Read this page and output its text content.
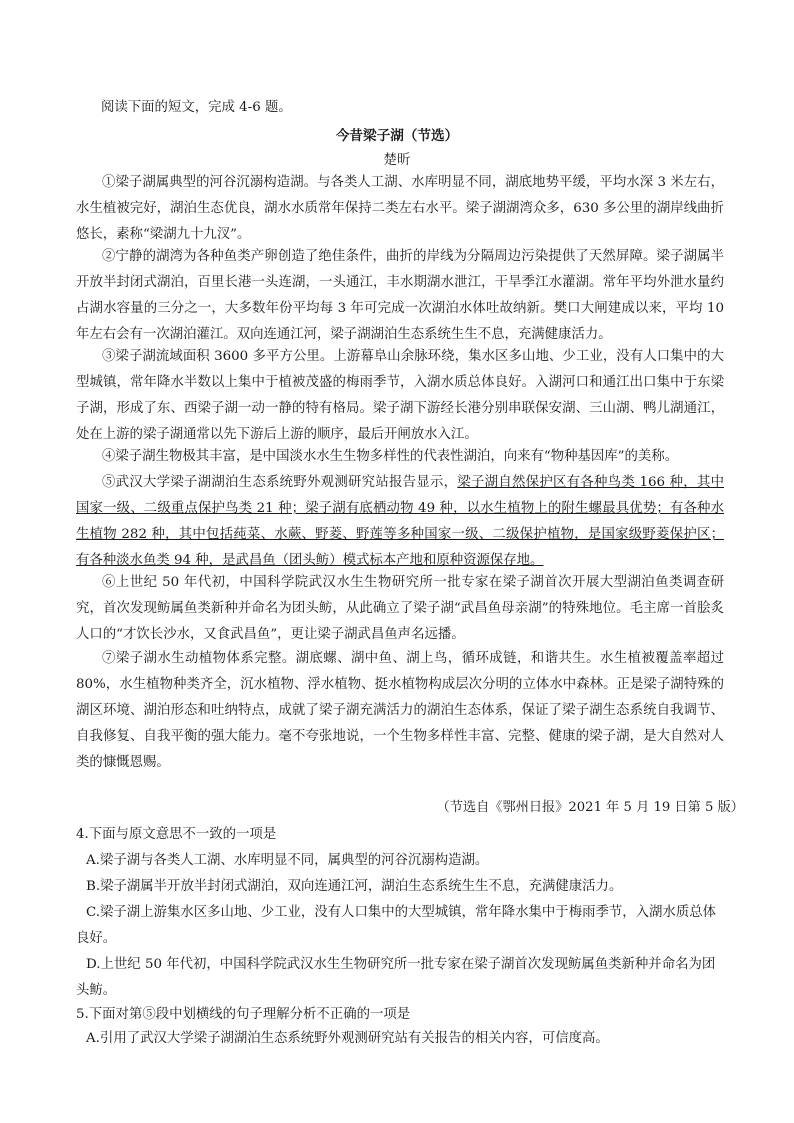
阅读下面的短文，完成 4-6 题。
今昔梁子湖（节选）
楚昕
①梁子湖属典型的河谷沉溺构造湖。与各类人工湖、水库明显不同，湖底地势平缓，平均水深 3 米左右，水生植被完好，湖泊生态优良，湖水水质常年保持二类左右水平。梁子湖湖湾众多，630 多公里的湖岸线曲折悠长，素称“梁湖九十九汊”。
②宁静的湖湾为各种鱼类产卵创造了绝佳条件，曲折的岸线为分隔周边污染提供了天然屏障。梁子湖属半开放半封闭式湖泊，百里长港一头连湖，一头通江，丰水期湖水泄江，干旱季江水灌湖。常年平均外泄水量约占湖水容量的三分之一，大多数年份平均每 3 年可完成一次湖泊水体吐故纳新。樊口大闸建成以来，平均 10 年左右会有一次湖泊灌江。双向连通江河，梁子湖湖泊生态系统生生不息，充满健康活力。
③梁子湖流域面积 3600 多平方公里。上游幕阜山余脉环绕，集水区多山地、少工业，没有人口集中的大型城镇，常年降水半数以上集中于植被茂盛的梅雨季节，入湖水质总体良好。入湖河口和通江出口集中于东梁子湖，形成了东、西梁子湖一动一静的特有格局。梁子湖下游经长港分别串联保安湖、三山湖、鸭儿湖通江，处在上游的梁子湖通常以先下游后上游的顺序，最后开闸放水入江。
④梁子湖生物极其丰富，是中国淡水水生生物多样性的代表性湖泊，向来有“物种基因库”的美称。
⑤武汉大学梁子湖湖泊生态系统野外观测研究站报告显示，梁子湖自然保护区有各种鸟类 166 种，其中国家一级、二级重点保护鸟类 21 种；梁子湖有底栖动物 49 种，以水生植物上的附生螺最具优势；有各种水生植物 282 种，其中包括莼菜、水蕨、野菱、野莲等多种国家一级、二级保护植物，是国家级野菱保护区；有各种淡水鱼类 94 种，是武昌鱼（团头鲂）模式标本产地和原种资源保存地。
⑥上世纪 50 年代初，中国科学院武汉水生生物研究所一批专家在梁子湖首次开展大型湖泊鱼类调查研究，首次发现鲂属鱼类新种并命名为团头鲂，从此确立了梁子湖“武昌鱼母亲湖”的特殊地位。毛主席一首脍炙人口的“才饮长沙水，又食武昌鱼”，更让梁子湖武昌鱼声名远播。
⑦梁子湖水生动植物体系完整。湖底螺、湖中鱼、湖上鸟，循环成链，和谐共生。水生植被覆盖率超过 80%，水生植物种类齐全，沉水植物、浮水植物、挺水植物构成层次分明的立体水中森林。正是梁子湖特殊的湖区环境、湖泊形态和吐纳特点，成就了梁子湖充满活力的湖泊生态体系，保证了梁子湖生态系统自我调节、自我修复、自我平衡的强大能力。毫不夸张地说，一个生物多样性丰富、完整、健康的梁子湖，是大自然对人类的慷慨恩赐。
（节选自《鄂州日报》2021 年 5 月 19 日第 5 版）
4.下面与原文意思不一致的一项是
A.梁子湖与各类人工湖、水库明显不同，属典型的河谷沉溺构造湖。
B.梁子湖属半开放半封闭式湖泊，双向连通江河，湖泊生态系统生生不息，充满健康活力。
C.梁子湖上游集水区多山地、少工业，没有人口集中的大型城镇，常年降水集中于梅雨季节，入湖水质总体良好。
D.上世纪 50 年代初，中国科学院武汉水生生物研究所一批专家在梁子湖首次发现鲂属鱼类新种并命名为团头鲂。
5.下面对第⑤段中划横线的句子理解分析不正确的一项是
A.引用了武汉大学梁子湖湖泊生态系统野外观测研究站有关报告的相关内容，可信度高。
